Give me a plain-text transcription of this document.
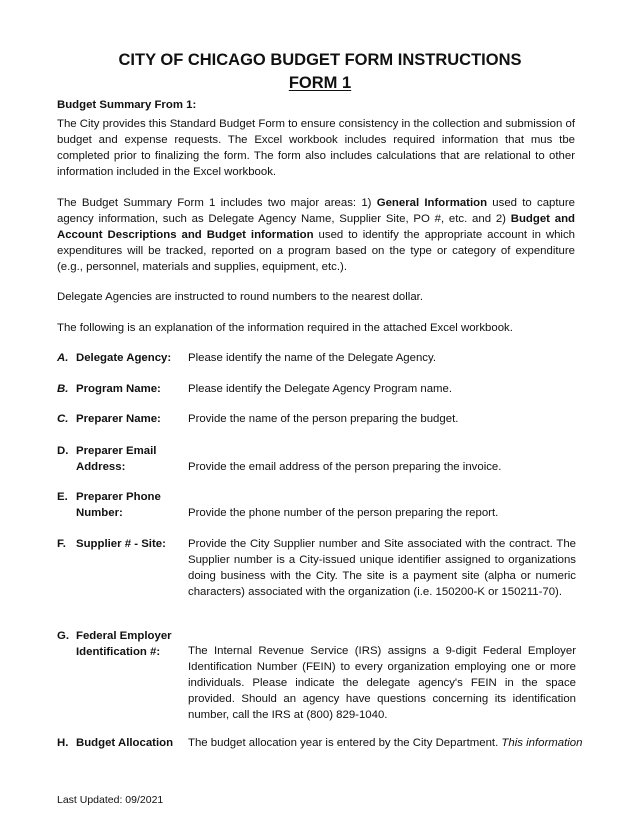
CITY OF CHICAGO BUDGET FORM INSTRUCTIONS
FORM 1
Budget Summary From 1:
The City provides this Standard Budget Form to ensure consistency in the collection and submission of budget and expense requests. The Excel workbook includes required information that mus tbe completed prior to finalizing the form. The form also includes calculations that are relational to other information included in the Excel workbook.
The Budget Summary Form 1 includes two major areas: 1) General Information used to capture agency information, such as Delegate Agency Name, Supplier Site, PO #, etc. and 2) Budget and Account Descriptions and Budget information used to identify the appropriate account in which expenditures will be tracked, reported on a program based on the type or category of expenditure (e.g., personnel, materials and supplies, equipment, etc.).
Delegate Agencies are instructed to round numbers to the nearest dollar.
The following is an explanation of the information required in the attached Excel workbook.
A. Delegate Agency: Please identify the name of the Delegate Agency.
B. Program Name: Please identify the Delegate Agency Program name.
C. Preparer Name: Provide the name of the person preparing the budget.
D. Preparer Email
Address:	Provide the email address of the person preparing the invoice.
E. Preparer Phone
Number:	Provide the phone number of the person preparing the report.
F. Supplier # - Site: Provide the City Supplier number and Site associated with the contract. The Supplier number is a City-issued unique identifier assigned to organizations doing business with the City. The site is a payment site (alpha or numeric characters) associated with the organization (i.e. 150200-K or 150211-70).
G. Federal Employer
Identification #:	The Internal Revenue Service (IRS) assigns a 9-digit Federal Employer Identification Number (FEIN) to every organization employing one or more individuals. Please indicate the delegate agency's FEIN in the space provided. Should an agency have questions concerning its identification number, call the IRS at (800) 829-1040.
H. Budget Allocation The budget allocation year is entered by the City Department. This information
Last Updated: 09/2021
